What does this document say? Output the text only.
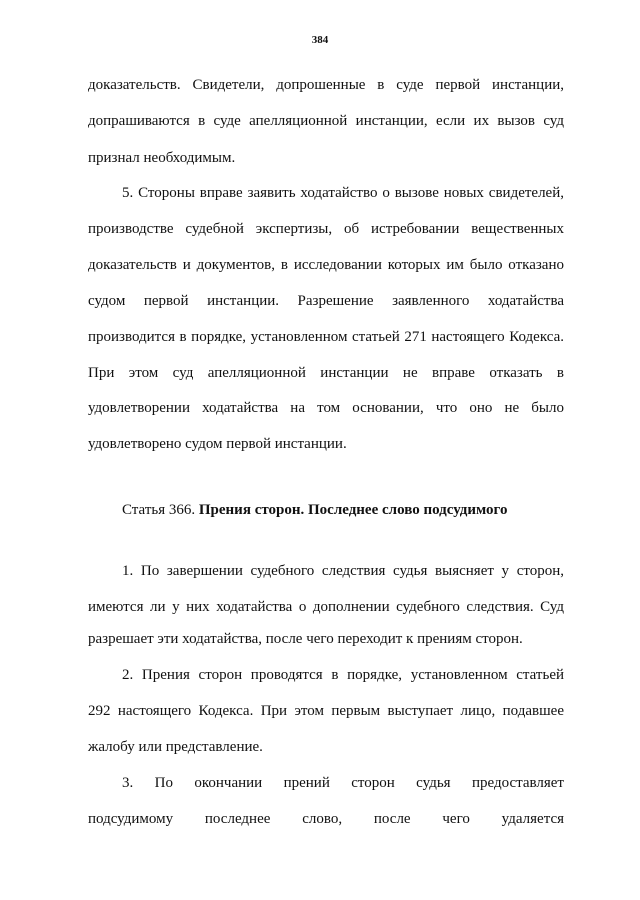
384
доказательств. Свидетели, допрошенные в суде первой инстанции,
допрашиваются в суде апелляционной инстанции, если их вызов суд
признал необходимым.
5. Стороны вправе заявить ходатайство о вызове новых свидетелей,
производстве судебной экспертизы, об истребовании вещественных
доказательств и документов, в исследовании которых им было отказано
судом первой инстанции. Разрешение заявленного ходатайства
производится в порядке, установленном статьей 271 настоящего Кодекса.
При этом суд апелляционной инстанции не вправе отказать в
удовлетворении ходатайства на том основании, что оно не было
удовлетворено судом первой инстанции.
Статья 366. Прения сторон. Последнее слово подсудимого
1. По завершении судебного следствия судья выясняет у сторон,
имеются ли у них ходатайства о дополнении судебного следствия. Суд
разрешает эти ходатайства, после чего переходит к прениям сторон.
2. Прения сторон проводятся в порядке, установленном статьей
292 настоящего Кодекса. При этом первым выступает лицо, подавшее
жалобу или представление.
3. По окончании прений сторон судья предоставляет
подсудимому последнее слово, после чего удаляется
